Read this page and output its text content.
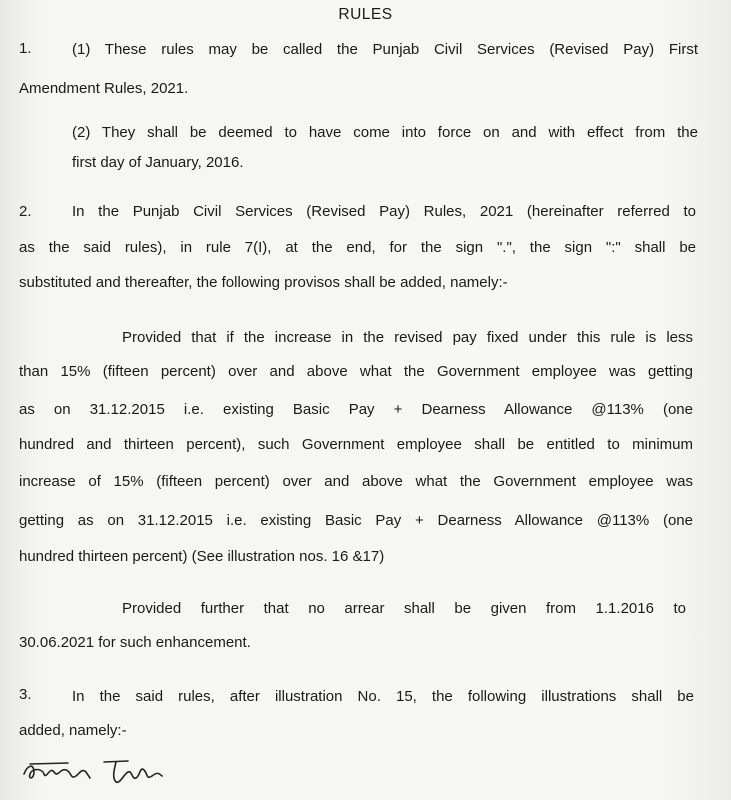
RULES
1.	(1) These rules may be called the Punjab Civil Services (Revised Pay) First
Amendment Rules, 2021.
(2) They shall be deemed to have come into force on and with effect from the
first day of January, 2016.
2.	In the Punjab Civil Services (Revised Pay) Rules, 2021 (hereinafter referred to
as the said rules), in rule 7(I), at the end, for the sign ".", the sign ":" shall be
substituted and thereafter, the following provisos shall be added, namely:-
Provided that if the increase in the revised pay fixed under this rule is less
than 15% (fifteen percent) over and above what the Government employee was getting
as on 31.12.2015 i.e. existing Basic Pay + Dearness Allowance @113% (one
hundred and thirteen percent), such Government employee shall be entitled to minimum
increase of 15% (fifteen percent) over and above what the Government employee was
getting as on 31.12.2015 i.e. existing Basic Pay + Dearness Allowance @113% (one
hundred thirteen percent) (See illustration nos. 16 &17)
Provided further that no arrear shall be given from 1.1.2016 to
30.06.2021 for such enhancement.
3.	In the said rules, after illustration No. 15, the following illustrations shall be
added, namely:-
